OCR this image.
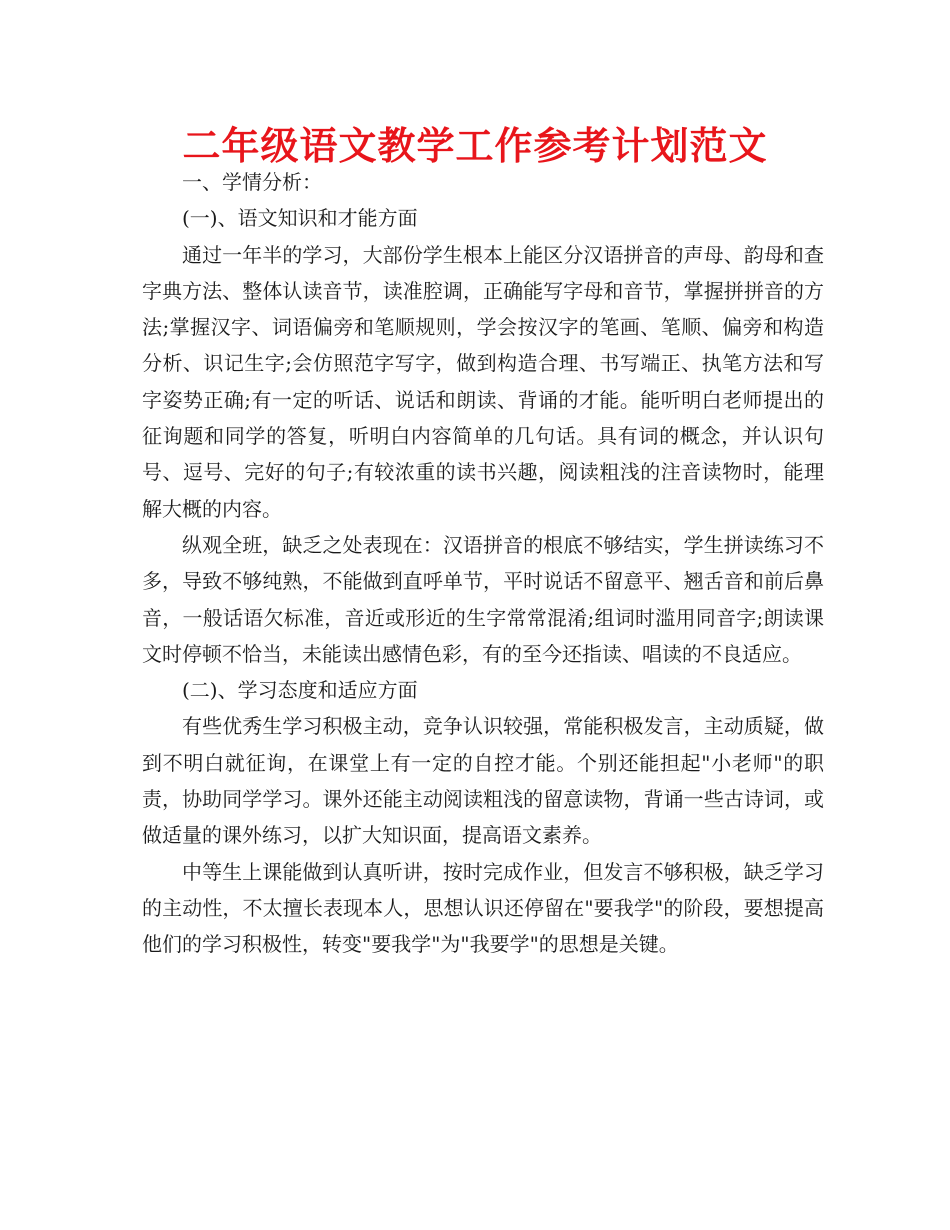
二年级语文教学工作参考计划范文

一、学情分析：

(一)、语文知识和才能方面

通过一年半的学习，大部份学生根本上能区分汉语拼音的声母、韵母和查字典方法、整体认读音节，读准腔调，正确能写字母和音节，掌握拼拼音的方法;掌握汉字、词语偏旁和笔顺规则，学会按汉字的笔画、笔顺、偏旁和构造分析、识记生字;会仿照范字写字，做到构造合理、书写端正、执笔方法和写字姿势正确;有一定的听话、说话和朗读、背诵的才能。能听明白老师提出的征询题和同学的答复，听明白内容简单的几句话。具有词的概念，并认识句号、逗号、完好的句子;有较浓重的读书兴趣，阅读粗浅的注音读物时，能理解大概的内容。

纵观全班，缺乏之处表现在：汉语拼音的根底不够结实，学生拼读练习不多，导致不够纯熟，不能做到直呼单节，平时说话不留意平、翘舌音和前后鼻音，一般话语欠标准，音近或形近的生字常常混淆;组词时滥用同音字;朗读课文时停顿不恰当，未能读出感情色彩，有的至今还指读、唱读的不良适应。

(二)、学习态度和适应方面

有些优秀生学习积极主动，竞争认识较强，常能积极发言，主动质疑，做到不明白就征询，在课堂上有一定的自控才能。个别还能担起"小老师"的职责，协助同学学习。课外还能主动阅读粗浅的留意读物，背诵一些古诗词，或做适量的课外练习，以扩大知识面，提高语文素养。

中等生上课能做到认真听讲，按时完成作业，但发言不够积极，缺乏学习的主动性，不太擅长表现本人，思想认识还停留在"要我学"的阶段，要想提高他们的学习积极性，转变"要我学"为"我要学"的思想是关键。
